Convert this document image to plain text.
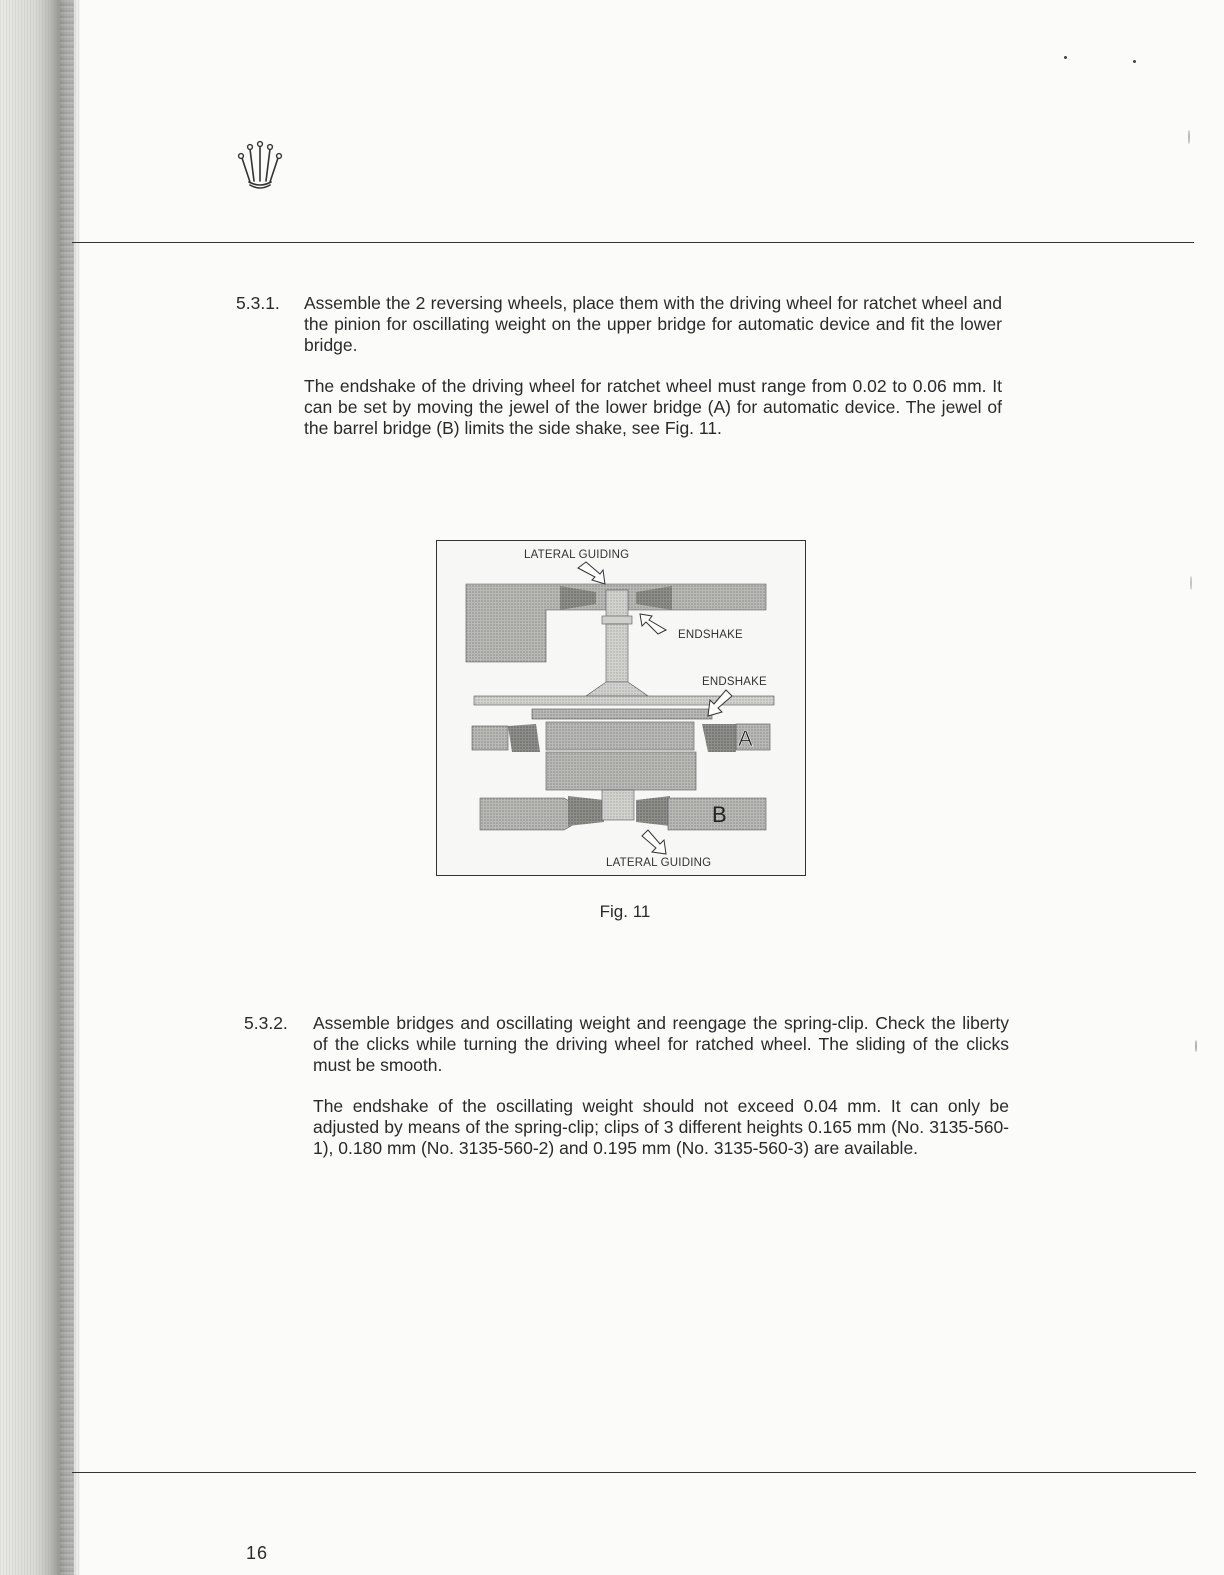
5.3.1. Assemble the 2 reversing wheels, place them with the driving wheel for ratchet wheel and the pinion for oscillating weight on the upper bridge for automatic device and fit the lower bridge.

The endshake of the driving wheel for ratchet wheel must range from 0.02 to 0.06 mm. It can be set by moving the jewel of the lower bridge (A) for automatic device. The jewel of the barrel bridge (B) limits the side shake, see Fig. 11.

LATERAL GUIDING
ENDSHAKE
ENDSHAKE
A
B
LATERAL GUIDING
Fig. 11
5.3.2. Assemble bridges and oscillating weight and reengage the spring-clip. Check the liberty of the clicks while turning the driving wheel for ratched wheel. The sliding of the clicks must be smooth.

The endshake of the oscillating weight should not exceed 0.04 mm. It can only be adjusted by means of the spring-clip; clips of 3 different heights 0.165 mm (No. 3135-560-1), 0.180 mm (No. 3135-560-2) and 0.195 mm (No. 3135-560-3) are available.

16
